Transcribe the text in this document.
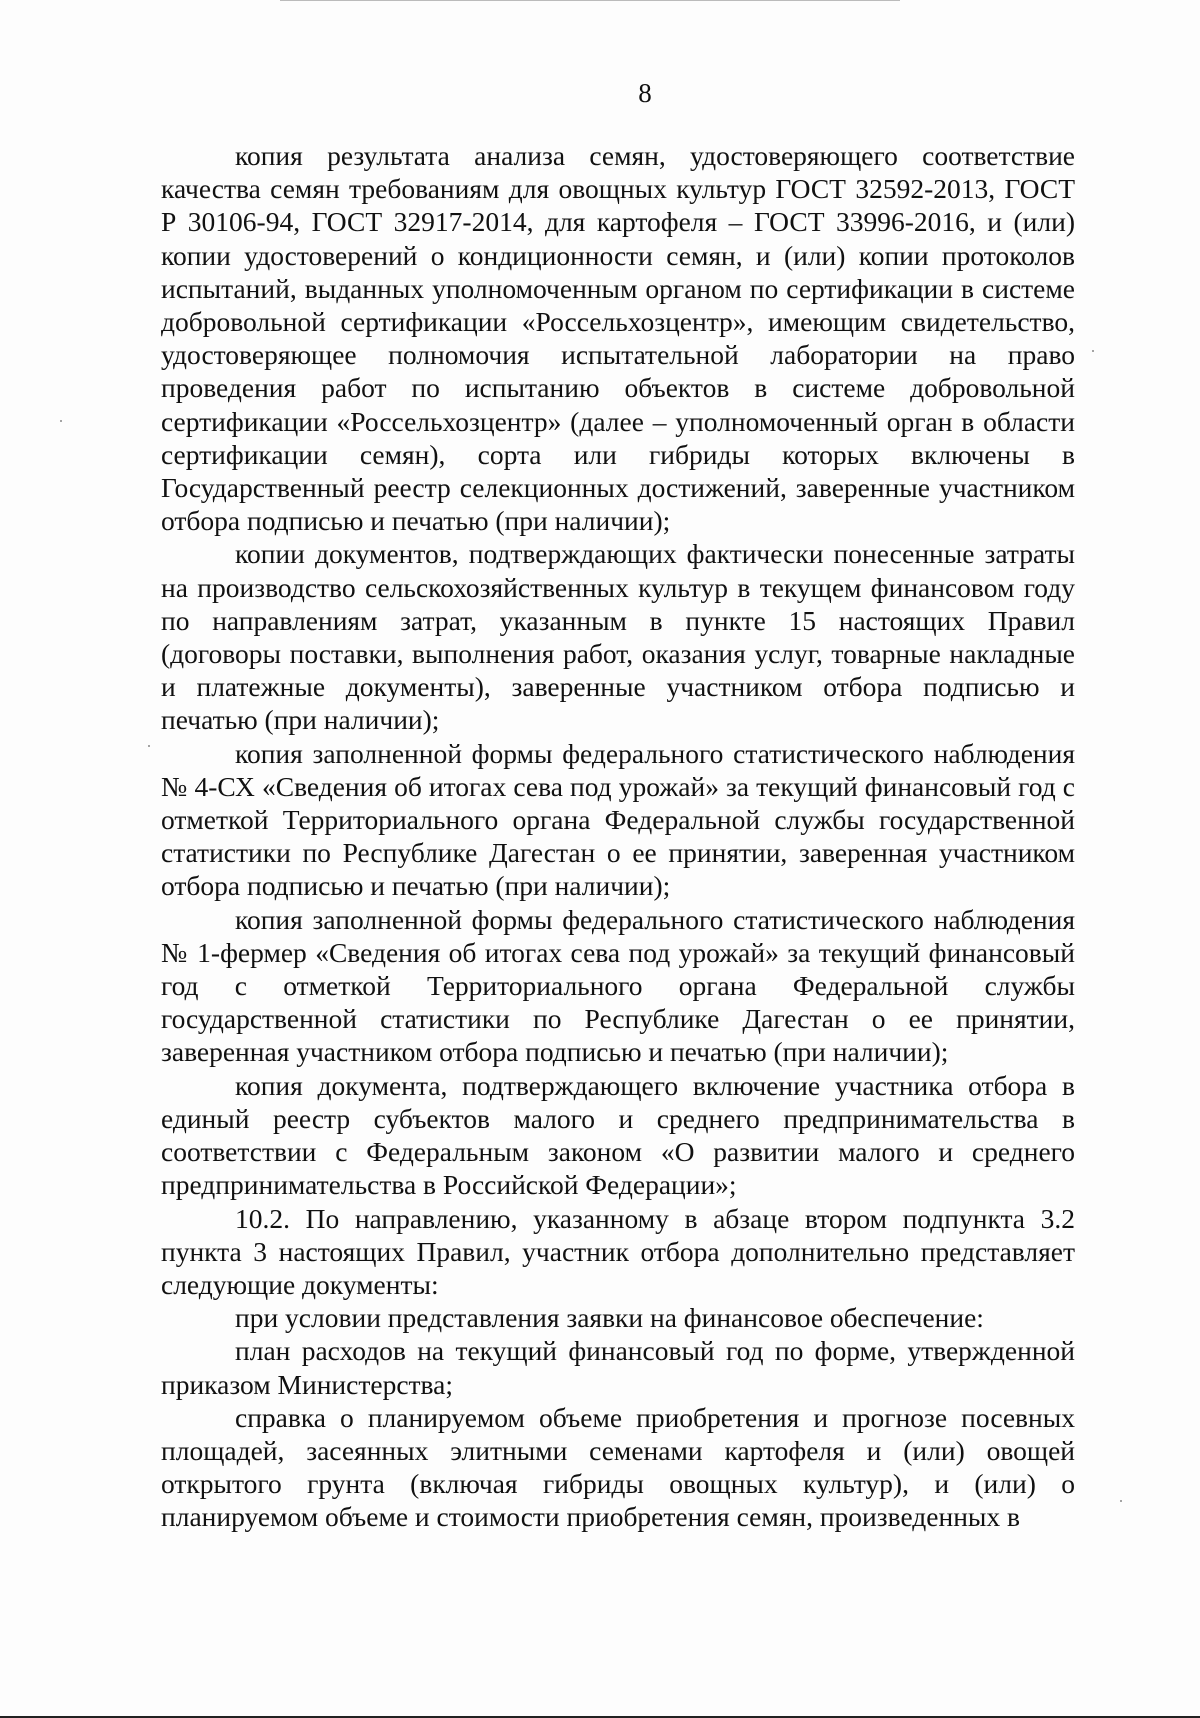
8

копия результата анализа семян, удостоверяющего соответствие качества семян требованиям для овощных культур ГОСТ 32592-2013, ГОСТ Р 30106-94, ГОСТ 32917-2014, для картофеля – ГОСТ 33996-2016, и (или) копии удостоверений о кондиционности семян, и (или) копии протоколов испытаний, выданных уполномоченным органом по сертификации в системе добровольной сертификации «Россельхозцентр», имеющим свидетельство, удостоверяющее полномочия испытательной лаборатории на право проведения работ по испытанию объектов в системе добровольной сертификации «Россельхозцентр» (далее – уполномоченный орган в области сертификации семян), сорта или гибриды которых включены в Государственный реестр селекционных достижений, заверенные участником отбора подписью и печатью (при наличии);

копии документов, подтверждающих фактически понесенные затраты на производство сельскохозяйственных культур в текущем финансовом году по направлениям затрат, указанным в пункте 15 настоящих Правил (договоры поставки, выполнения работ, оказания услуг, товарные накладные и платежные документы), заверенные участником отбора подписью и печатью (при наличии);

копия заполненной формы федерального статистического наблюдения № 4-СХ «Сведения об итогах сева под урожай» за текущий финансовый год с отметкой Территориального органа Федеральной службы государственной статистики по Республике Дагестан о ее принятии, заверенная участником отбора подписью и печатью (при наличии);

копия заполненной формы федерального статистического наблюдения № 1-фермер «Сведения об итогах сева под урожай» за текущий финансовый год с отметкой Территориального органа Федеральной службы государственной статистики по Республике Дагестан о ее принятии, заверенная участником отбора подписью и печатью (при наличии);

копия документа, подтверждающего включение участника отбора в единый реестр субъектов малого и среднего предпринимательства в соответствии с Федеральным законом «О развитии малого и среднего предпринимательства в Российской Федерации»;

10.2. По направлению, указанному в абзаце втором подпункта 3.2 пункта 3 настоящих Правил, участник отбора дополнительно представляет следующие документы:

при условии представления заявки на финансовое обеспечение:

план расходов на текущий финансовый год по форме, утвержденной приказом Министерства;

справка о планируемом объеме приобретения и прогнозе посевных площадей, засеянных элитными семенами картофеля и (или) овощей открытого грунта (включая гибриды овощных культур), и (или) о планируемом объеме и стоимости приобретения семян, произведенных в
